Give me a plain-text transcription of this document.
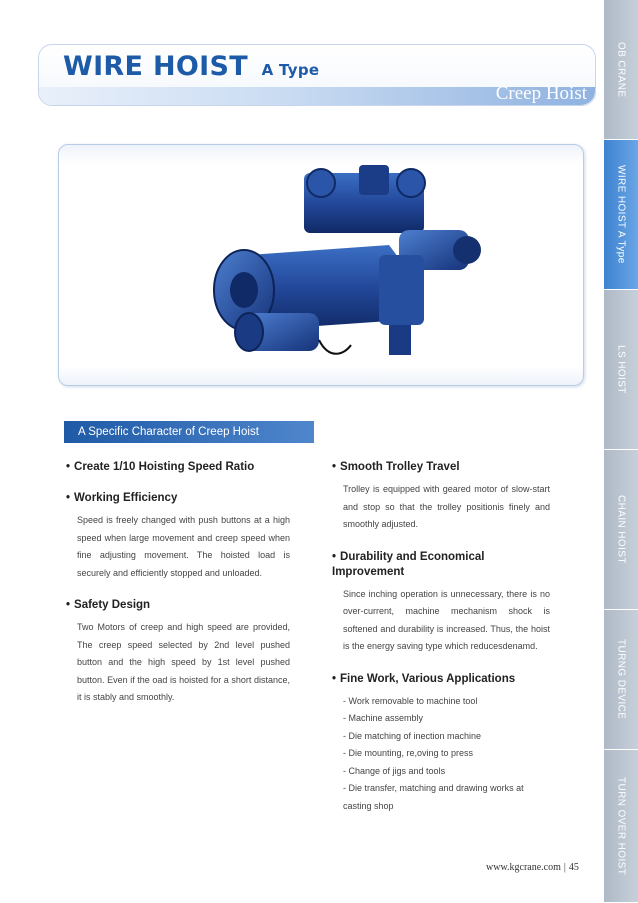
WIRE HOIST A Type
Creep Hoist
A Specific Character of Creep Hoist

• Create 1/10 Hoisting Speed Ratio

• Working Efficiency

Speed is freely changed with push buttons at a high speed when large movement and creep speed when fine adjusting movement. The hoisted load is securely and efficiently stopped and unloaded.

• Safety Design

Two Motors of creep and high speed are provided, The creep speed selected by 2nd level pushed button and the high speed by 1st level pushed button. Even if the oad is hoisted for a short distance, it is stably and smoothly.

• Smooth Trolley Travel

Trolley is equipped with geared motor of slow-start and stop so that the trolley positionis finely and smoothly adjusted.

• Durability and Economical Improvement

Since inching operation is unnecessary, there is no over-current, machine mechanism shock is softened and durability is increased. Thus, the hoist is the energy saving type which reducesdenamd.

• Fine Work, Various Applications

- Work removable to machine tool
- Machine assembly
- Die matching of inection machine
- Die mounting, re,oving to press
- Change of jigs and tools
- Die transfer, matching and drawing works at casting shop
OB CRANE
WIRE HOIST A Type
LS HOIST
CHAIN HOIST
TURNG DEVICE
TURN OVER HOIST
www.kgcrane.com | 45
